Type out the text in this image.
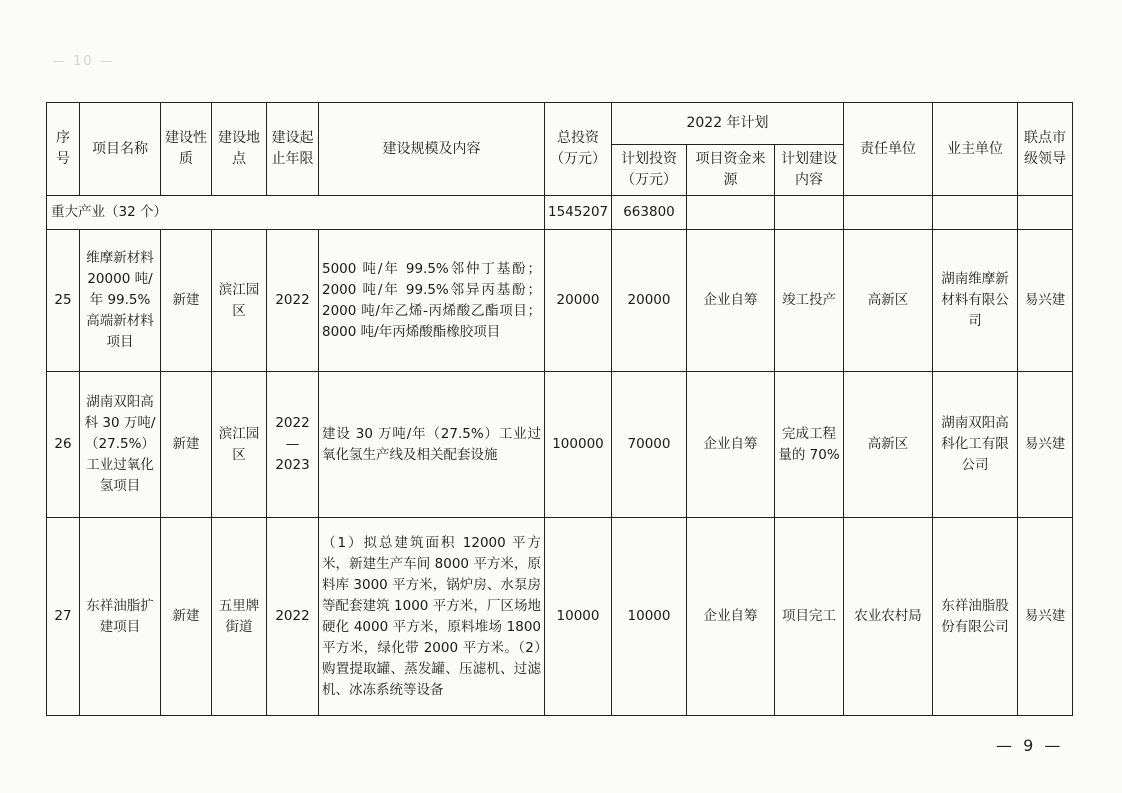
— 10 —
序号	项目名称	建设性质	建设地点	建设起止年限	建设规模及内容	总投资（万元）	2022 年计划			责任单位	业主单位	联点市级领导
							计划投资（万元）	项目资金来源	计划建设内容			
重大产业（32 个）						1545207	663800					
25	维摩新材料 20000 吨/年 99.5%高端新材料项目	新建	滨江园区	2022	5000 吨/年 99.5%邻仲丁基酚；2000 吨/年 99.5%邻异丙基酚；2000 吨/年乙烯-丙烯酸乙酯项目；8000 吨/年丙烯酸酯橡胶项目	20000	20000	企业自筹	竣工投产	高新区	湖南维摩新材料有限公司	易兴建
26	湖南双阳高科 30 万吨/（27.5%）工业过氧化氢项目	新建	滨江园区	2022—2023	建设 30 万吨/年（27.5%）工业过氧化氢生产线及相关配套设施	100000	70000	企业自筹	完成工程量的 70%	高新区	湖南双阳高科化工有限公司	易兴建
27	东祥油脂扩建项目	新建	五里牌街道	2022	（1）拟总建筑面积 12000 平方米，新建生产车间 8000 平方米，原料库 3000 平方米，锅炉房、水泵房等配套建筑 1000 平方米，厂区场地硬化 4000 平方米，原料堆场 1800 平方米，绿化带 2000 平方米。（2）购置提取罐、蒸发罐、压滤机、过滤机、冰冻系统等设备	10000	10000	企业自筹	项目完工	农业农村局	东祥油脂股份有限公司	易兴建
— 9 —
